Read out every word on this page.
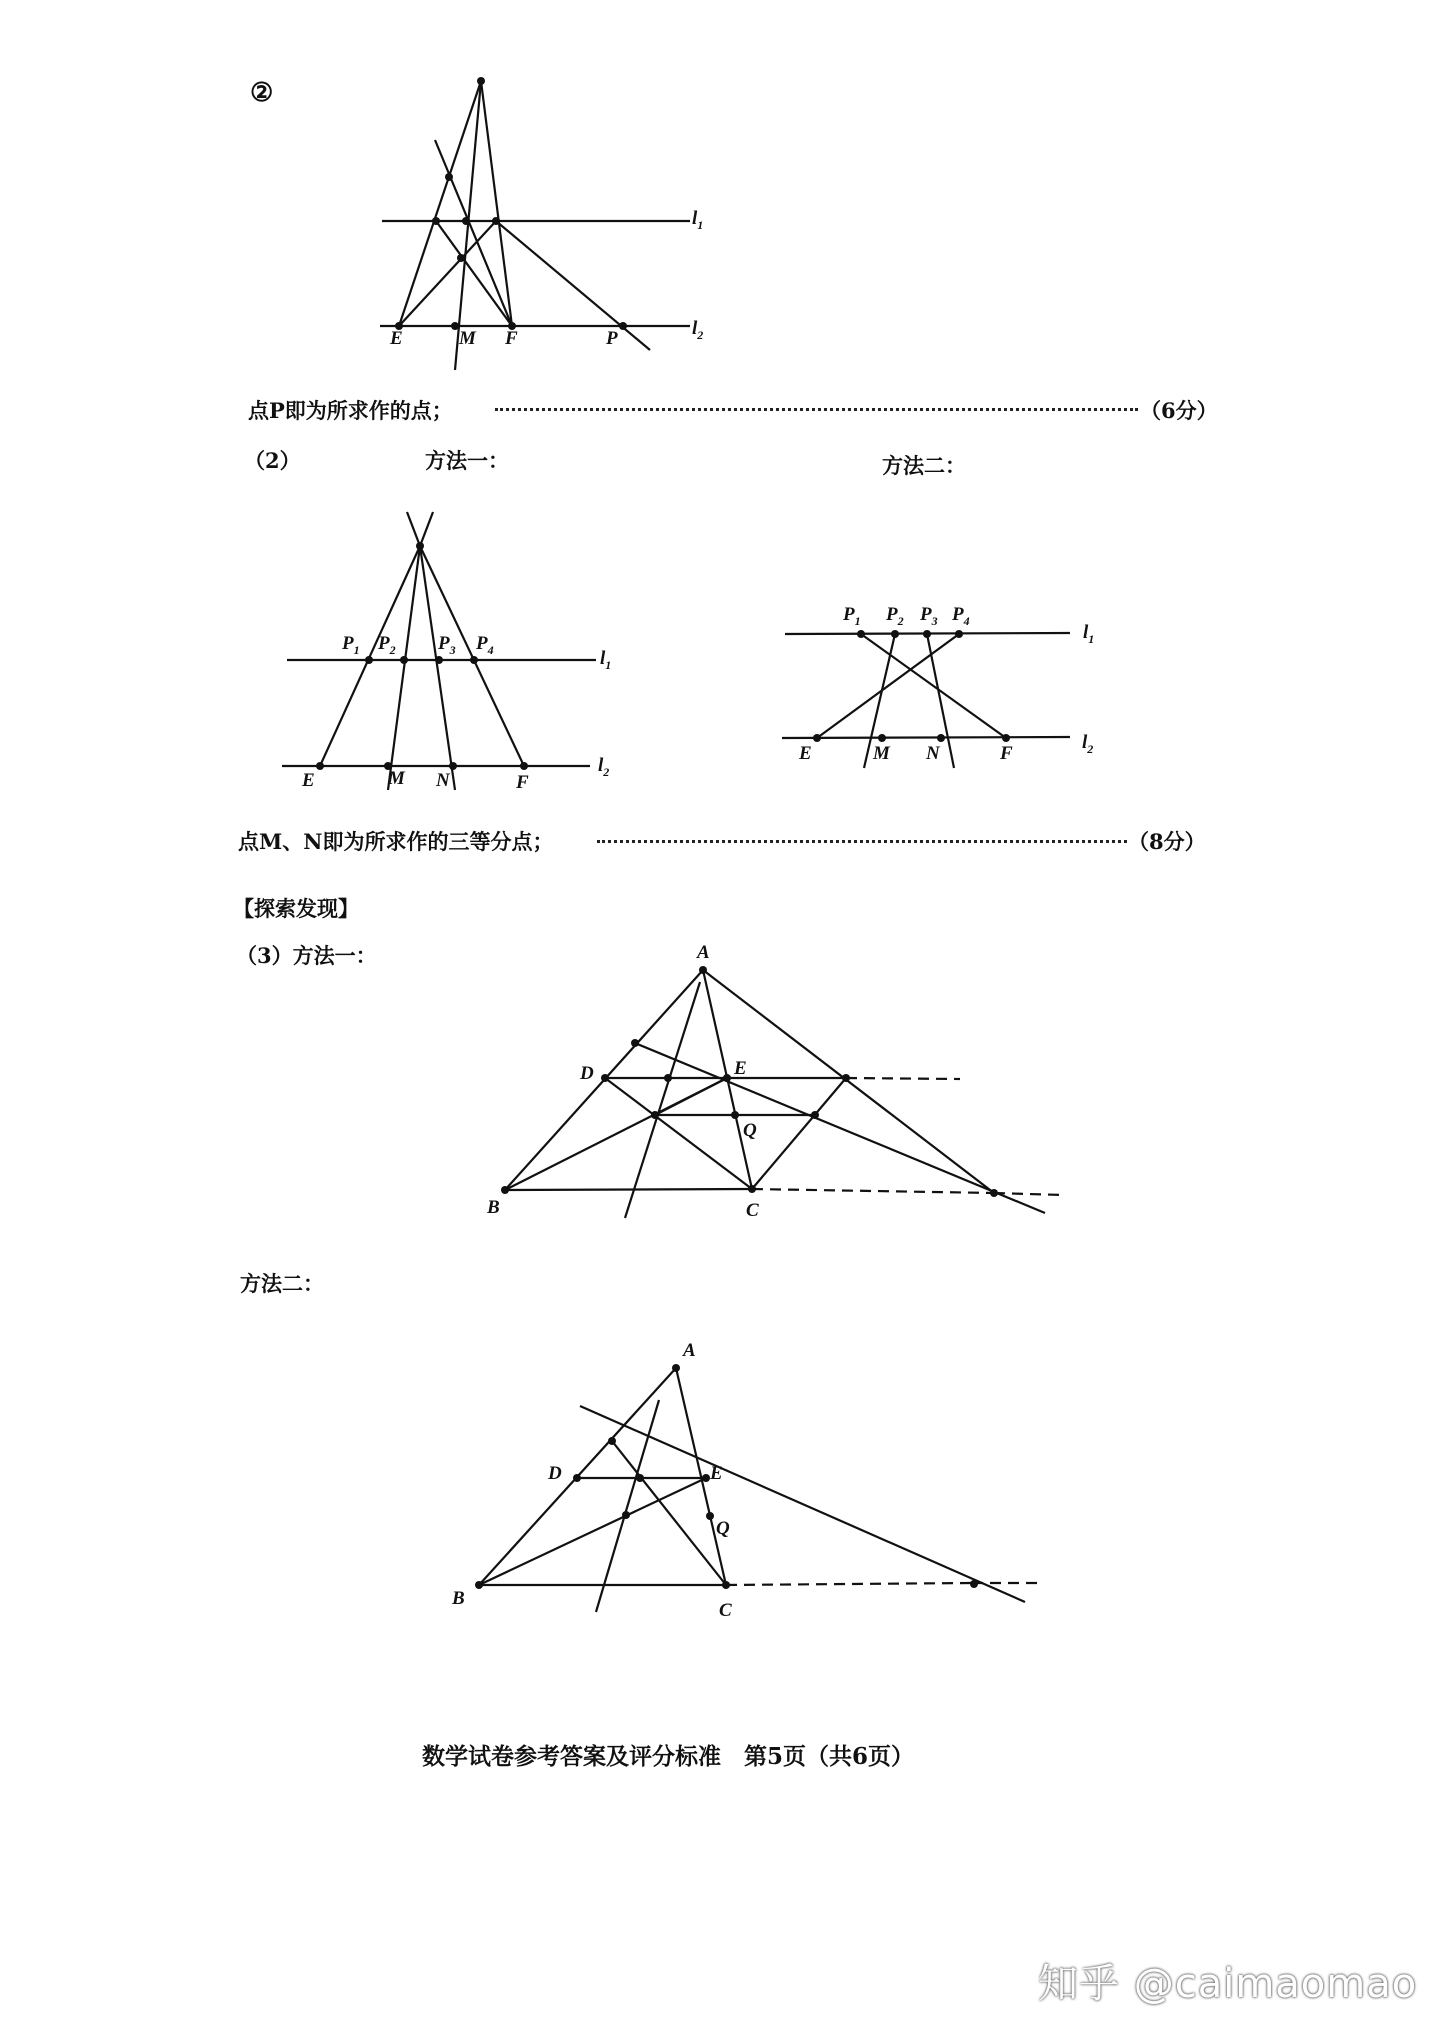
②
E	M F	P
$l_1$
$l_2$
点P即为所求作的点；	（6分）
（2）	方法一：	方法二：
$P_1$ $P_2$ $P_3$ $P_4$	$l_1$
$l_2$
E	M N	F
$P_1$ $P_2$ $P_3$ $P_4$
$l_1$
$l_2$
E	M N	F
点M、N即为所求作的三等分点；	（8分）
【探索发现】
（3）方法一：	A
D	E
Q
B	C
方法二：
A
D	E
Q
B
C
数学试卷参考答案及评分标准　第5页（共6页）
知乎 @caimaomao
